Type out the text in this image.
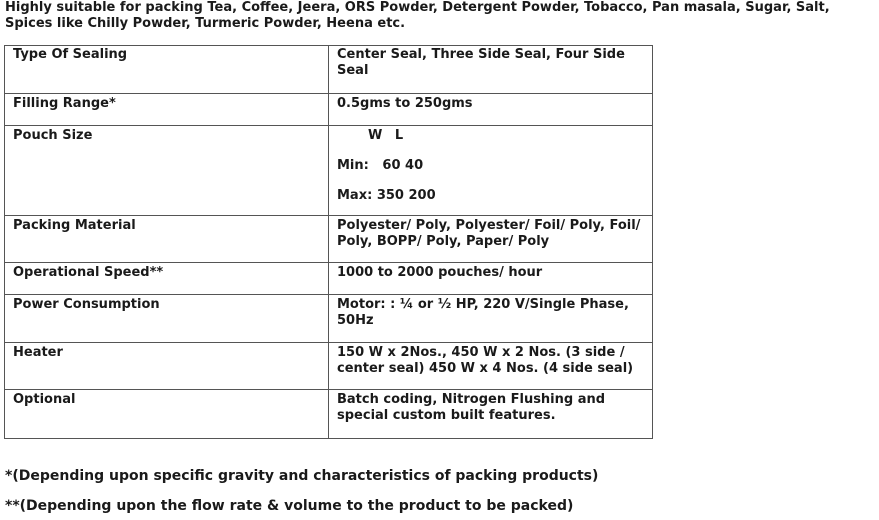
Highly suitable for packing Tea, Coffee, Jeera, ORS Powder, Detergent Powder, Tobacco, Pan masala, Sugar, Salt, Spices like Chilly Powder, Turmeric Powder, Heena etc.

Type Of Sealing	Center Seal, Three Side Seal, Four Side Seal
Filling Range*	0.5gms to 250gms
Pouch Size	W L
Min:   60 40
Max: 350 200

Packing Material	Polyester/ Poly, Polyester/ Foil/ Poly, Foil/ Poly, BOPP/ Poly, Paper/ Poly
Operational Speed**	1000 to 2000 pouches/ hour
Power Consumption	Motor: : ¼ or ½ HP, 220 V/Single Phase, 50Hz
Heater	150 W x 2Nos., 450 W x 2 Nos. (3 side / center seal) 450 W x 4 Nos. (4 side seal)
Optional	Batch coding, Nitrogen Flushing and special custom built features.

*(Depending upon specific gravity and characteristics of packing products)

**(Depending upon the flow rate & volume to the product to be packed)
